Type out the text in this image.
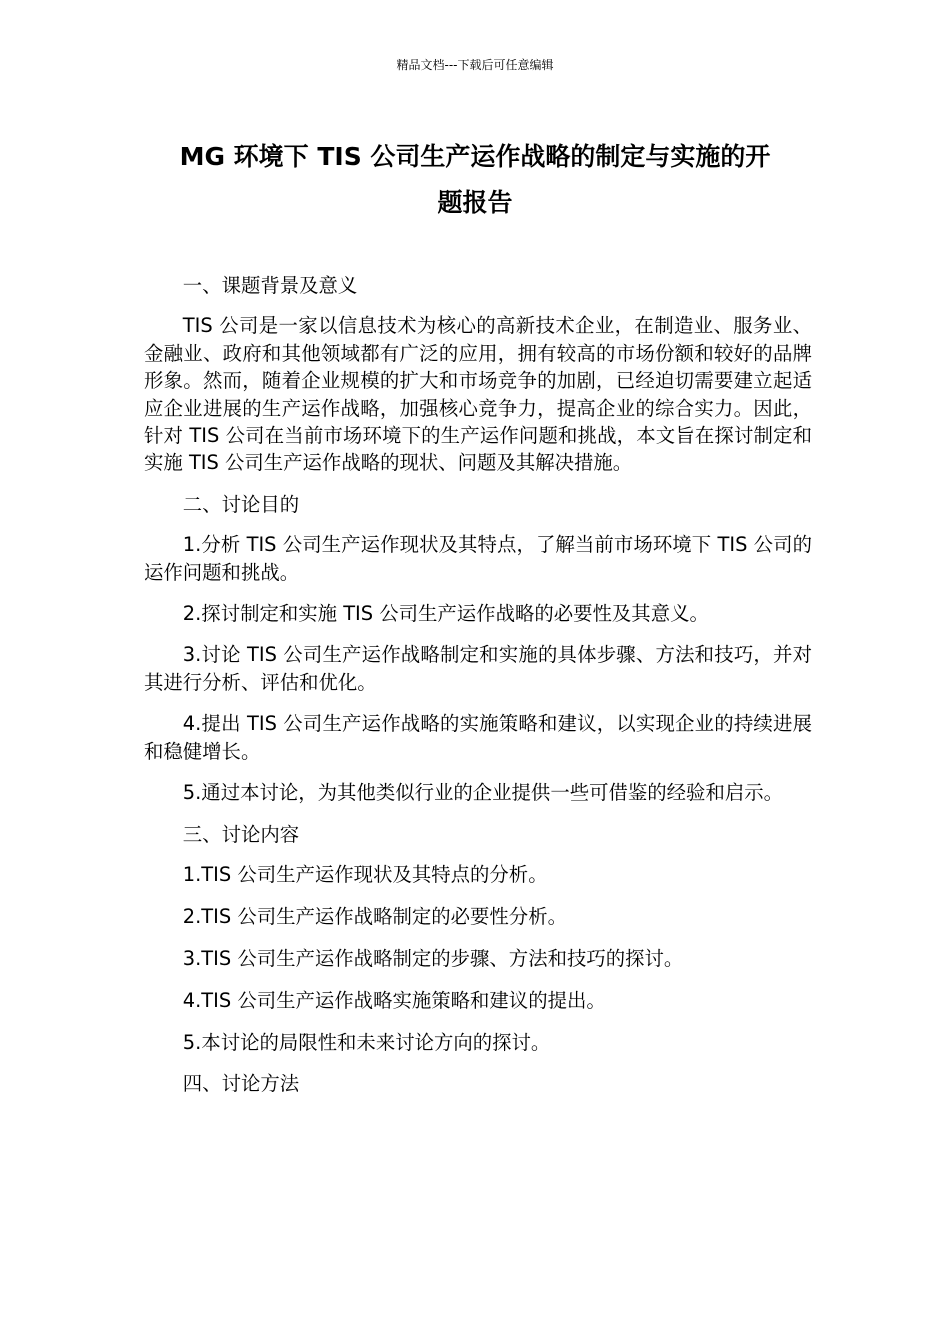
精品文档---下载后可任意编辑
MG 环境下 TIS 公司生产运作战略的制定与实施的开
题报告

一、课题背景及意义

TIS 公司是一家以信息技术为核心的高新技术企业，在制造业、服务业、金融业、政府和其他领域都有广泛的应用，拥有较高的市场份额和较好的品牌形象。然而，随着企业规模的扩大和市场竞争的加剧，已经迫切需要建立起适应企业进展的生产运作战略，加强核心竞争力，提高企业的综合实力。因此，针对 TIS 公司在当前市场环境下的生产运作问题和挑战，本文旨在探讨制定和实施 TIS 公司生产运作战略的现状、问题及其解决措施。

二、讨论目的

1.分析 TIS 公司生产运作现状及其特点，了解当前市场环境下 TIS 公司的运作问题和挑战。

2.探讨制定和实施 TIS 公司生产运作战略的必要性及其意义。

3.讨论 TIS 公司生产运作战略制定和实施的具体步骤、方法和技巧，并对其进行分析、评估和优化。

4.提出 TIS 公司生产运作战略的实施策略和建议，以实现企业的持续进展和稳健增长。

5.通过本讨论，为其他类似行业的企业提供一些可借鉴的经验和启示。

三、讨论内容

1.TIS 公司生产运作现状及其特点的分析。

2.TIS 公司生产运作战略制定的必要性分析。

3.TIS 公司生产运作战略制定的步骤、方法和技巧的探讨。

4.TIS 公司生产运作战略实施策略和建议的提出。

5.本讨论的局限性和未来讨论方向的探讨。

四、讨论方法
